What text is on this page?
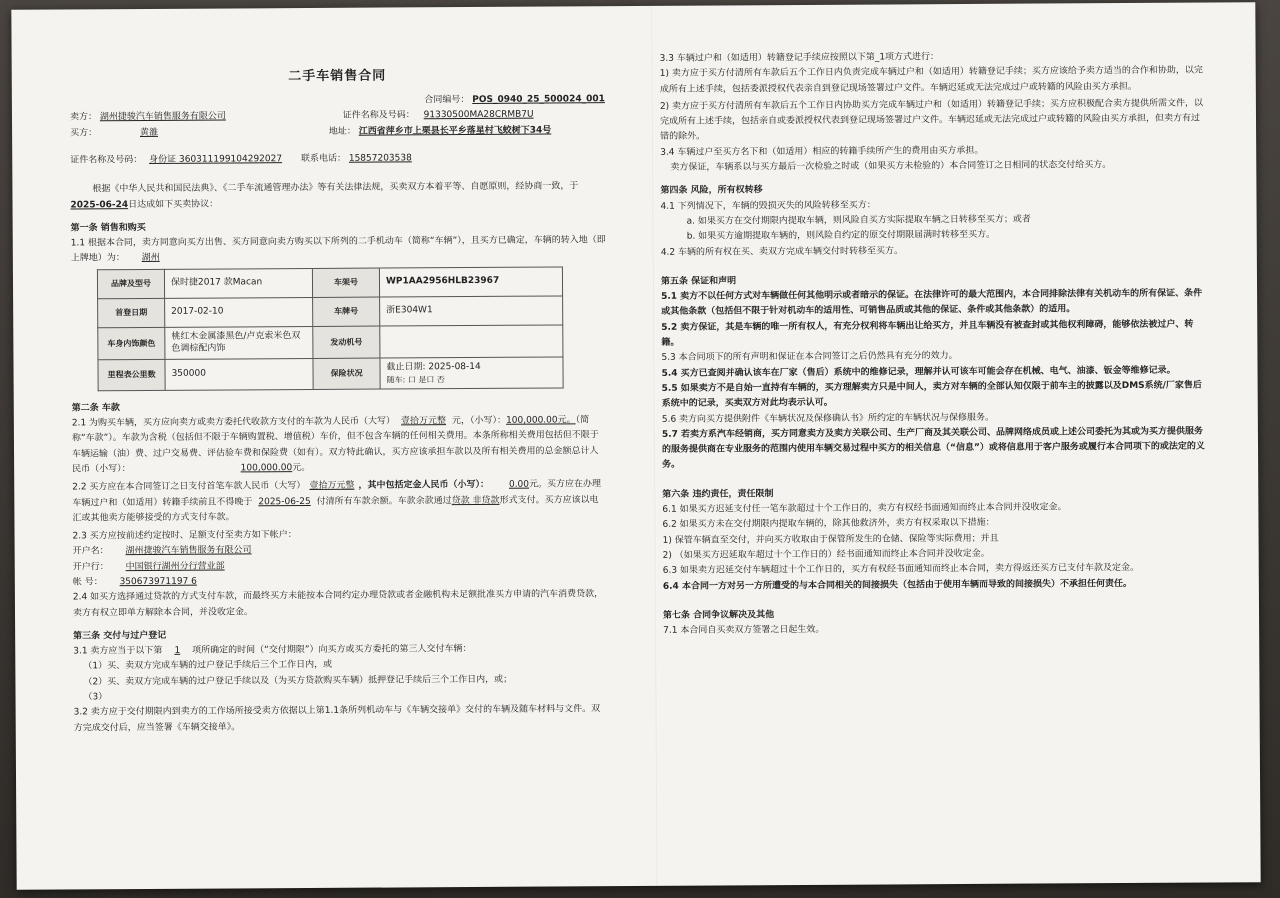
二手车销售合同
合同编号： POS_0940_25_500024_001
卖方： 湖州捷骏汽车销售服务有限公司	证件名称及号码： 91330500MA28CRMB7U
买方：	黄雒	地址： 江西省萍乡市上栗县长平乡落星村飞蛟树下34号
证件名称及号码： 身份证 360311199104292027 联系电话： 15857203538
根据《中华人民共和国民法典》、《二手车流通管理办法》等有关法律法规，买卖双方本着平等、自愿原则，经协商一致，于2025-06-24日达成如下买卖协议：
第一条 销售和购买
1.1 根据本合同，卖方同意向买方出售、买方同意向卖方购买以下所列的二手机动车（简称“车辆”），且买方已确定，车辆的转入地（即上牌地）为： 湖州
品牌及型号	保时捷2017 款Macan	车架号	WP1AA2956HLB23967
首登日期	2017-02-10	车牌号	浙E304W1
车身内饰颜色	桃红木金属漆黑色/卢克索米色双色调棕配内饰	发动机号	
里程表公里数	350000	保险状况	截止日期: 2025-08-14
随车: 口 是口 否
第二条 车款
2.1 为购买车辆，买方应向卖方或卖方委托代收款方支付的车款为人民币（大写） 壹拾万元整 元，（小写）：100,000.00元。（简称“车款”）。车款为含税（包括但不限于车辆购置税、增值税）车价，但不包含车辆的任何相关费用。本条所称相关费用包括但不限于车辆运输（油）费、过户交易费、评估验车费和保险费（如有）。双方特此确认，买方应该承担车款以及所有相关费用的总金额总计人民币（小写）：	100,000.00元。
2.2 买方应在本合同签订之日支付首笔车款人民币（大写） 壹拾万元整 ，其中包括定金人民币（小写）： 0.00元。买方应在办理车辆过户和（如适用）转籍手续前且不得晚于 2025-06-25 付清所有车款余额。车款余款通过贷款 非贷款形式支付。买方应该以电汇或其他卖方能够接受的方式支付车款。
2.3 买方应按前述约定按时、足额支付至卖方如下帐户：
开户名： 湖州捷骏汽车销售服务有限公司
开户行： 中国银行湖州分行营业部
帐 号： 350673971197 6
2.4 如买方选择通过贷款的方式支付车款，而最终买方未能按本合同约定办理贷款或者金融机构未足额批准买方申请的汽车消费贷款，卖方有权立即单方解除本合同，并没收定金。
第三条 交付与过户登记
3.1 卖方应当于以下第 1 项所确定的时间（“交付期限”）向买方或买方委托的第三人交付车辆：
（1）买、卖双方完成车辆的过户登记手续后三个工作日内，或
（2）买、卖双方完成车辆的过户登记手续以及（为买方贷款购买车辆）抵押登记手续后三个工作日内，或；
（3）
3.2 卖方应于交付期限内到卖方的工作场所接受卖方依据以上第1.1条所列机动车与《车辆交接单》交付的车辆及随车材料与文件。双方完成交付后，应当签署《车辆交接单》。
3.3 车辆过户和（如适用）转籍登记手续应按照以下第_1项方式进行：
1) 卖方应于买方付清所有车款后五个工作日内负责完成车辆过户和（如适用）转籍登记手续；买方应该给予卖方适当的合作和协助，以完成所有上述手续，包括委派授权代表亲自到登记现场签署过户文件。车辆迟延或无法完成过户或转籍的风险由买方承担。
2) 卖方应于买方付清所有车款后五个工作日内协助买方完成车辆过户和（如适用）转籍登记手续；买方应积极配合卖方提供所需文件，以完成所有上述手续，包括亲自或委派授权代表到登记现场签署过户文件。车辆迟延或无法完成过户或转籍的风险由买方承担，但卖方有过错的除外。
3.4 车辆过户至买方名下和（如适用）相应的转籍手续所产生的费用由买方承担。
卖方保证，车辆系以与买方最后一次检验之时或（如果买方未检验的）本合同签订之日相同的状态交付给买方。
第四条 风险，所有权转移
4.1 下列情况下，车辆的毁损灭失的风险转移至买方：
a. 如果买方在交付期限内提取车辆，则风险自买方实际提取车辆之日转移至买方；或者
b. 如果买方逾期提取车辆的，则风险自约定的原交付期限届满时转移至买方。
4.2 车辆的所有权在买、卖双方完成车辆交付时转移至买方。
第五条 保证和声明
5.1 卖方不以任何方式对车辆做任何其他明示或者暗示的保证。在法律许可的最大范围内，本合同排除法律有关机动车的所有保证、条件或其他条款（包括但不限于针对机动车的适用性、可销售品质或其他的保证、条件或其他条款）的适用。
5.2 卖方保证，其是车辆的唯一所有权人，有充分权利将车辆出让给买方，并且车辆没有被查封或其他权利障碍，能够依法被过户、转籍。
5.3 本合同项下的所有声明和保证在本合同签订之后仍然具有充分的效力。
5.4 买方已查阅并确认该车在厂家（售后）系统中的维修记录，理解并认可该车可能会存在机械、电气、油漆、钣金等维修记录。
5.5 如果卖方不是自始一直持有车辆的，买方理解卖方只是中间人，卖方对车辆的全部认知仅限于前车主的披露以及DMS系统/厂家售后系统中的记录，买卖双方对此均表示认可。
5.6 卖方向买方提供附件《车辆状况及保修确认书》所约定的车辆状况与保修服务。
5.7 若卖方系汽车经销商，买方同意卖方及卖方关联公司、生产厂商及其关联公司、品牌网络成员或上述公司委托为其或为买方提供服务的服务提供商在专业服务的范围内使用车辆交易过程中买方的相关信息（“信息”）或将信息用于客户服务或履行本合同项下的或法定的义务。
第六条 违约责任，责任限制
6.1 如果买方迟延支付任一笔车款超过十个工作日的，卖方有权经书面通知而终止本合同并没收定金。
6.2 如果买方未在交付期限内提取车辆的，除其他救济外，卖方有权采取以下措施：
1) 保管车辆直至交付，并向买方收取由于保管所发生的仓储、保险等实际费用；并且
2) （如果买方迟延取车超过十个工作日的）经书面通知而终止本合同并没收定金。
6.3 如果卖方迟延交付车辆超过十个工作日的，买方有权经书面通知而终止本合同，卖方得返还买方已支付车款及定金。
6.4 本合同一方对另一方所遭受的与本合同相关的间接损失（包括由于使用车辆而导致的间接损失）不承担任何责任。
第七条 合同争议解决及其他
7.1 本合同自买卖双方签署之日起生效。
